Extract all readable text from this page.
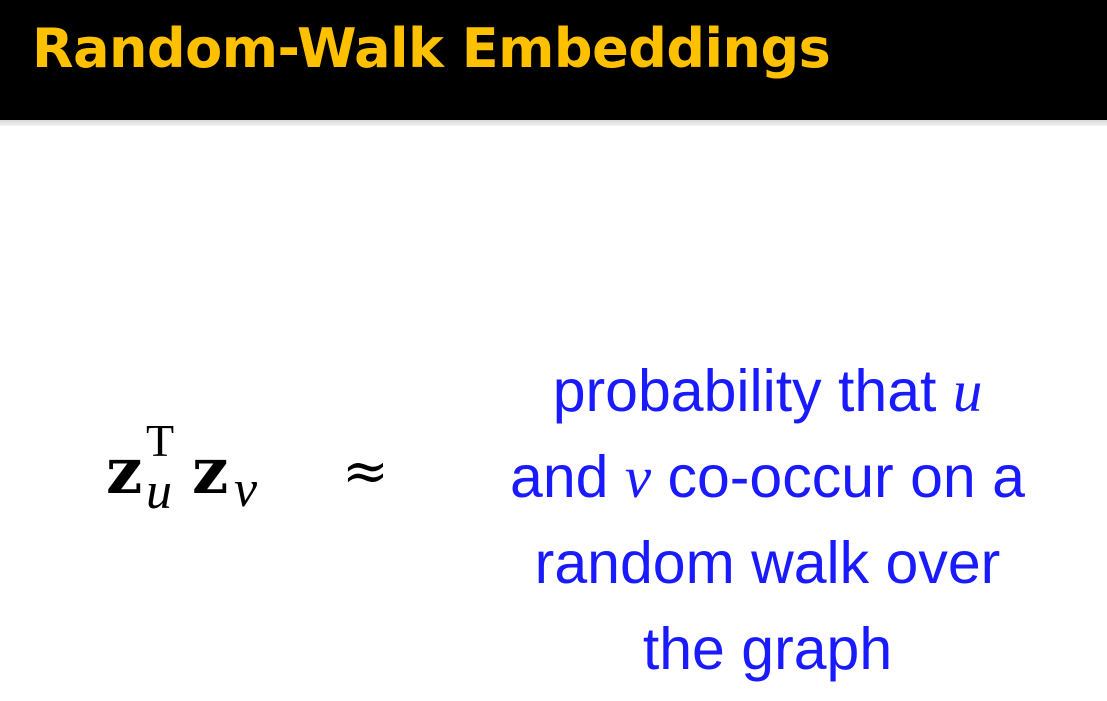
Random-Walk Embeddings
z T
u z v ≈
probability that u
and v co-occur on a
random walk over
the graph
